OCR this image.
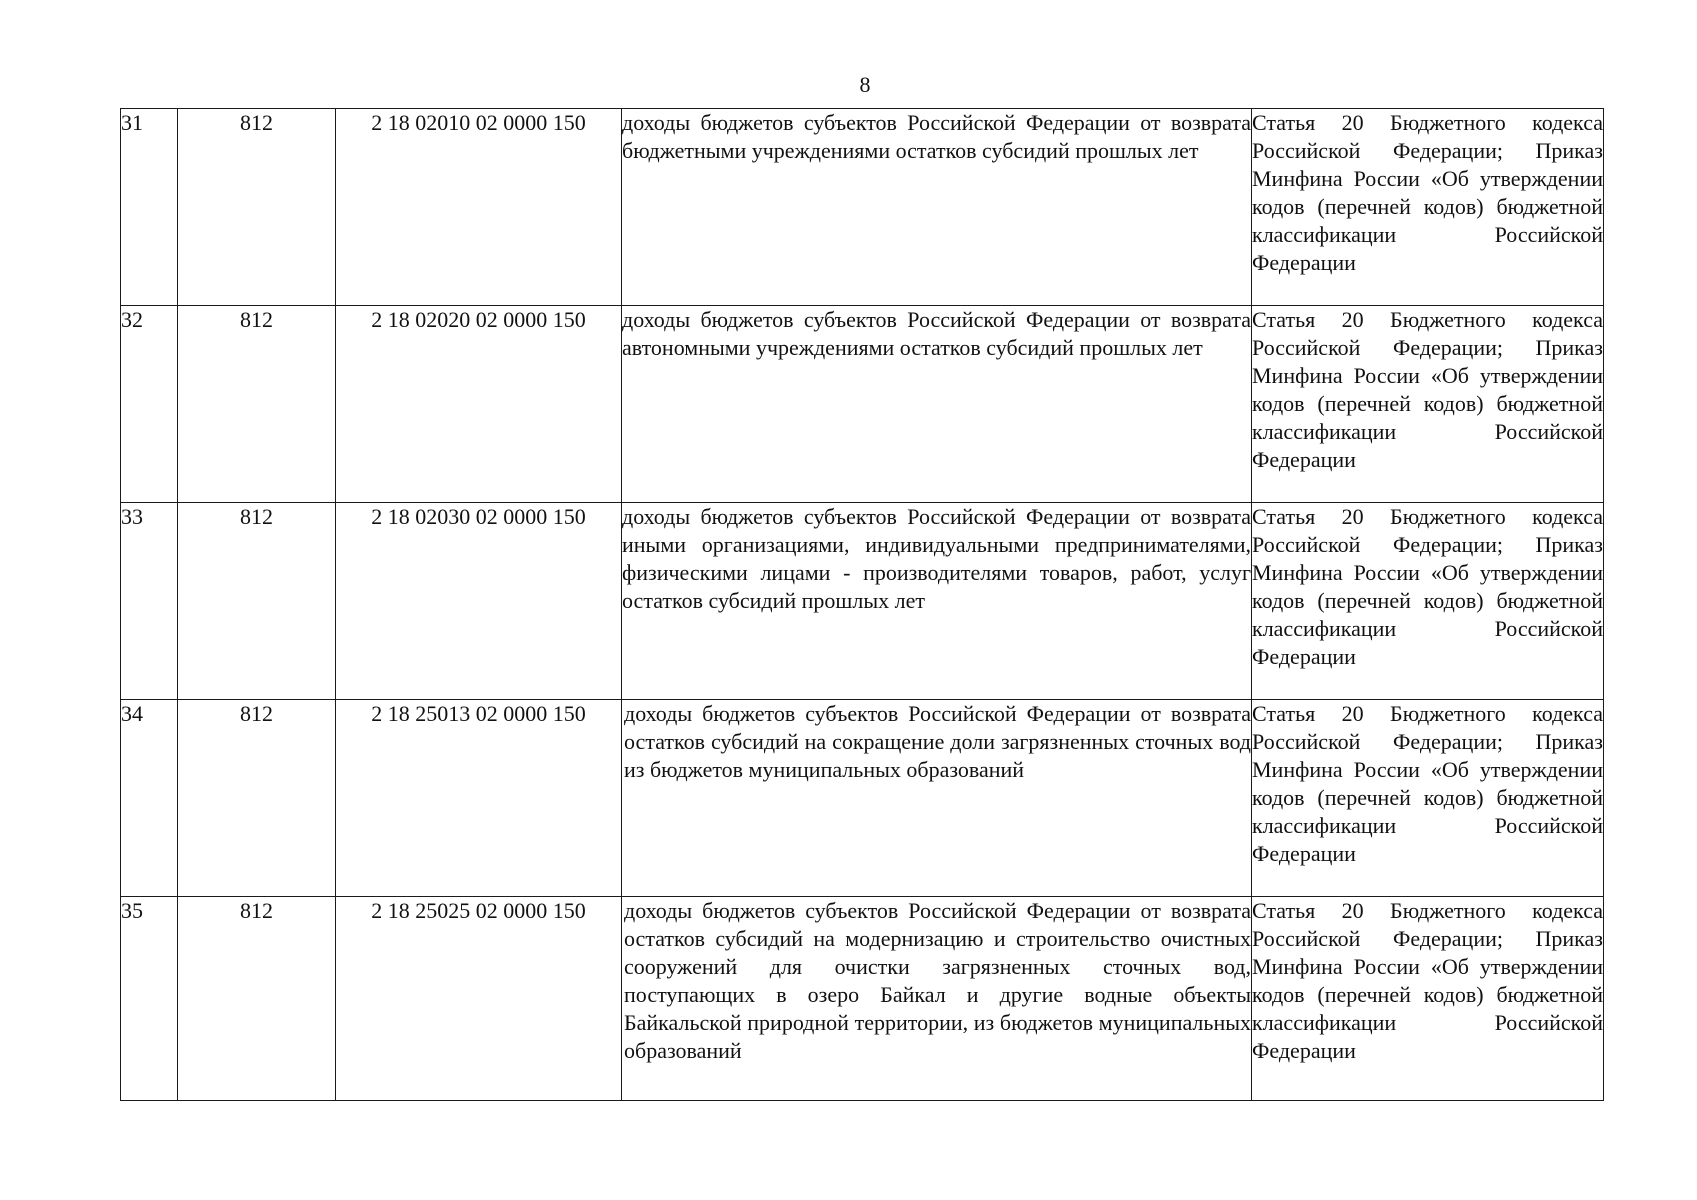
8
31	812	2 18 02010 02 0000 150	доходы бюджетов субъектов Российской Федерации от возврата бюджетными учреждениями остатков субсидий прошлых лет	Статья 20 Бюджетного кодекса Российской Федерации; Приказ Минфина России «Об утверждении кодов (перечней кодов) бюджетной классификации Российской Федерации
32	812	2 18 02020 02 0000 150	доходы бюджетов субъектов Российской Федерации от возврата автономными учреждениями остатков субсидий прошлых лет	Статья 20 Бюджетного кодекса Российской Федерации; Приказ Минфина России «Об утверждении кодов (перечней кодов) бюджетной классификации Российской Федерации
33	812	2 18 02030 02 0000 150	доходы бюджетов субъектов Российской Федерации от возврата иными организациями, индивидуальными предпринимателями, физическими лицами - производителями товаров, работ, услуг остатков субсидий прошлых лет	Статья 20 Бюджетного кодекса Российской Федерации; Приказ Минфина России «Об утверждении кодов (перечней кодов) бюджетной классификации Российской Федерации
34	812	2 18 25013 02 0000 150	доходы бюджетов субъектов Российской Федерации от возврата остатков субсидий на сокращение доли загрязненных сточных вод из бюджетов муниципальных образований	Статья 20 Бюджетного кодекса Российской Федерации; Приказ Минфина России «Об утверждении кодов (перечней кодов) бюджетной классификации Российской Федерации
35	812	2 18 25025 02 0000 150	доходы бюджетов субъектов Российской Федерации от возврата остатков субсидий на модернизацию и строительство очистных сооружений для очистки загрязненных сточных вод, поступающих в озеро Байкал и другие водные объекты Байкальской природной территории, из бюджетов муниципальных образований	Статья 20 Бюджетного кодекса Российской Федерации; Приказ Минфина России «Об утверждении кодов (перечней кодов) бюджетной классификации Российской Федерации
